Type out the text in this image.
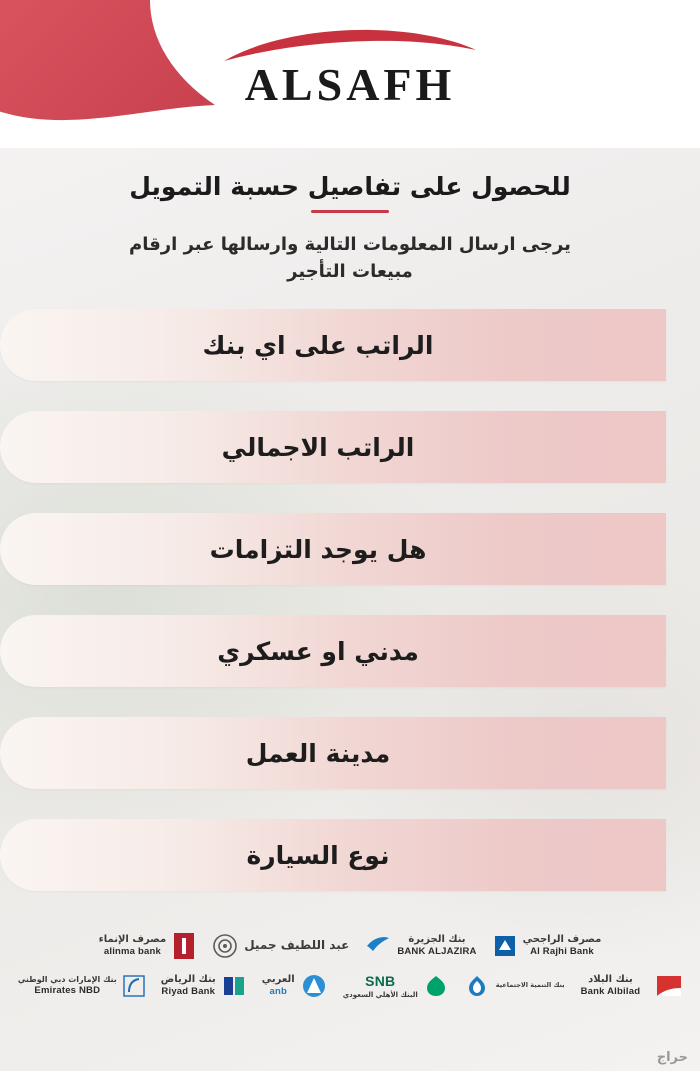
ALSAFH
للحصول على تفاصيل حسبة التمويل
يرجى ارسال المعلومات التالية وارسالها عبر ارقام مبيعات التأجير
الراتب على اي بنك
الراتب الاجمالي
هل يوجد التزامات
مدني او عسكري
مدينة العمل
نوع السيارة
مصرف الإنماء
alinma bank	عبد اللطيف جميل	بنك الجزيرة
BANK ALJAZIRA
مصرف الراجحي
Al Rajhi Bank
بنك الإمارات دبي الوطني
Emirates NBD
بنك الرياض
Riyad Bank
العربي
anb
SNB
البنك الأهلي السعودي
بنك التنمية الاجتماعية	بنك البلاد
Bank Albilad
حراج
